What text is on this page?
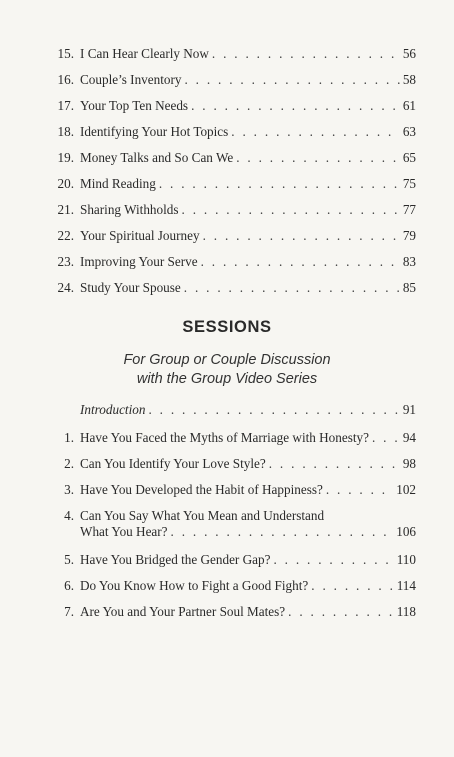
15. I Can Hear Clearly Now . . .	56
16. Couple’s Inventory . . .	58
17. Your Top Ten Needs . . .	61
18. Identifying Your Hot Topics . . .	63
19. Money Talks and So Can We . . .	65
20. Mind Reading . . .	75
21. Sharing Withholds . . .	77
22. Your Spiritual Journey . . .	79
23. Improving Your Serve . . .	83
24. Study Your Spouse . . .	85
SESSIONS
For Group or Couple Discussion
with the Group Video Series
Introduction . . .	91
1. Have You Faced the Myths of Marriage with Honesty? . . .	94
2. Can You Identify Your Love Style? . . .	98
3. Have You Developed the Habit of Happiness? . . .	102
4. Can You Say What You Mean and Understand
What You Hear? . . .	106
5. Have You Bridged the Gender Gap? . . .	110
6. Do You Know How to Fight a Good Fight? . . .	114
7. Are You and Your Partner Soul Mates? . . .	118
